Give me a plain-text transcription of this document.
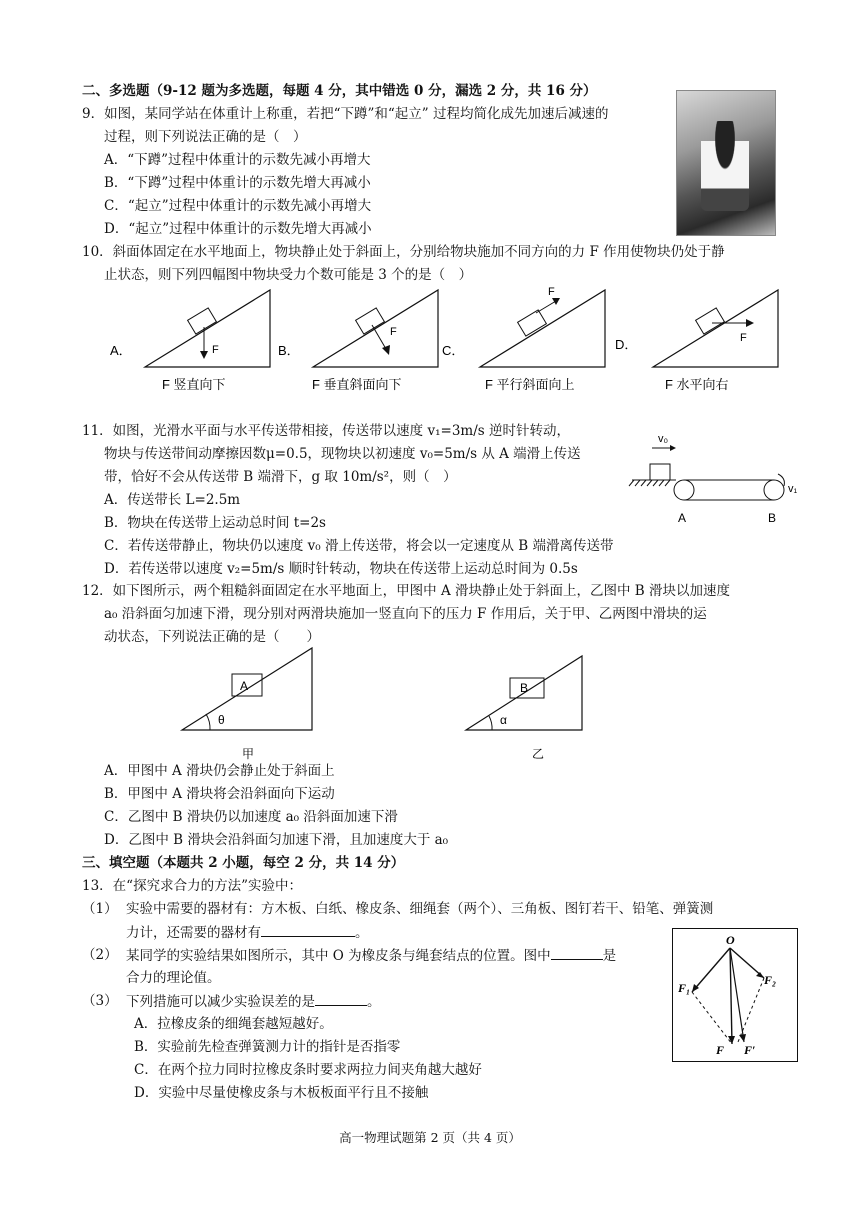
二、多选题（9-12 题为多选题，每题 4 分，其中错选 0 分，漏选 2 分，共 16 分）
9．如图，某同学站在体重计上称重，若把“下蹲”和“起立” 过程均简化成先加速后减速的
过程，则下列说法正确的是（　）
A．“下蹲”过程中体重计的示数先减小再增大
B．“下蹲”过程中体重计的示数先增大再减小
C．“起立”过程中体重计的示数先减小再增大
D．“起立”过程中体重计的示数先增大再减小
10．斜面体固定在水平地面上，物块静止处于斜面上，分别给物块施加不同方向的力 F 作用使物块仍处于静
止状态，则下列四幅图中物块受力个数可能是 3 个的是（　）
A．	F
F 竖直向下
B．
F
F 垂直斜面向下
C．
F
F 平行斜面向上
D．	F
F 水平向右
11．如图，光滑水平面与水平传送带相接，传送带以速度 v₁=3m/s 逆时针转动，
物块与传送带间动摩擦因数μ=0.5，现物块以初速度 v₀=5m/s 从 A 端滑上传送
带，恰好不会从传送带 B 端滑下，g 取 10m/s²，则（　）
A．传送带长 L=2.5m
B．物块在传送带上运动总时间 t=2s
C．若传送带静止，物块仍以速度 v₀ 滑上传送带，将会以一定速度从 B 端滑离传送带
D．若传送带以速度 v₂=5m/s 顺时针转动，物块在传送带上运动总时间为 0.5s
v₀
v₁
A	B
12．如下图所示，两个粗糙斜面固定在水平地面上，甲图中 A 滑块静止处于斜面上，乙图中 B 滑块以加速度
a₀ 沿斜面匀加速下滑，现分别对两滑块施加一竖直向下的压力 F 作用后，关于甲、乙两图中滑块的运
动状态，下列说法正确的是（　　）
A
θ
甲
B
α
乙
A．甲图中 A 滑块仍会静止处于斜面上
B．甲图中 A 滑块将会沿斜面向下运动
C．乙图中 B 滑块仍以加速度 a₀ 沿斜面加速下滑
D．乙图中 B 滑块会沿斜面匀加速下滑，且加速度大于 a₀
三、填空题（本题共 2 小题，每空 2 分，共 14 分）
13．在“探究求合力的方法”实验中：
（1） 实验中需要的器材有：方木板、白纸、橡皮条、细绳套（两个）、三角板、图钉若干、铅笔、弹簧测
力计，还需要的器材有	。
（2） 某同学的实验结果如图所示，其中 O 为橡皮条与绳套结点的位置。图中	是
合力的理论值。
（3） 下列措施可以减少实验误差的是	。
A．拉橡皮条的细绳套越短越好。
B．实验前先检查弹簧测力计的指针是否指零
C．在两个拉力同时拉橡皮条时要求两拉力间夹角越大越好
D．实验中尽量使橡皮条与木板板面平行且不接触
O
F₁
F₂
F F′
高一物理试题第 2 页（共 4 页）
